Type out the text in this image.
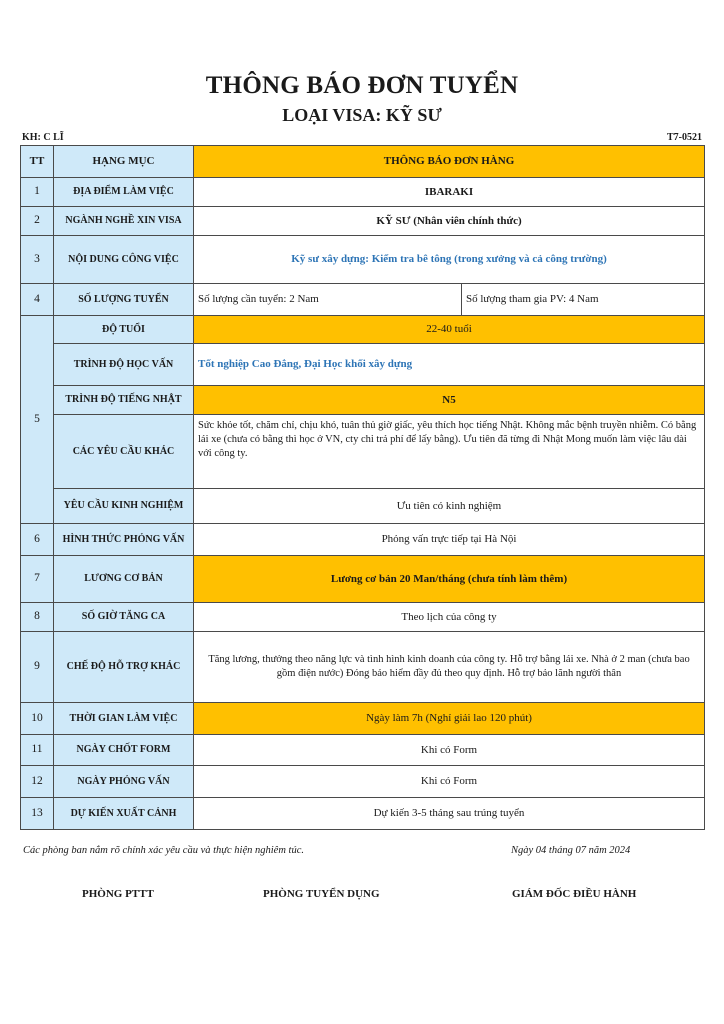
THÔNG BÁO ĐƠN TUYỂN
LOẠI VISA: KỸ SƯ
KH: C LĨ	T7-0521
TT	HẠNG MỤC	THÔNG BÁO ĐƠN HÀNG	
1	ĐỊA ĐIỂM LÀM VIỆC	IBARAKI	
2	NGÀNH NGHỀ XIN VISA	KỸ SƯ (Nhân viên chính thức)	
3	NỘI DUNG CÔNG VIỆC	Kỹ sư xây dựng: Kiểm tra bê tông (trong xưởng và cả công trường)	
4	SỐ LƯỢNG TUYỂN	Số lượng cần tuyển: 2 Nam	Số lượng tham gia PV: 4 Nam
5	ĐỘ TUỔI	22-40 tuổi	
	TRÌNH ĐỘ HỌC VẤN	Tốt nghiệp Cao Đẳng, Đại Học khối xây dựng	
	TRÌNH ĐỘ TIẾNG NHẬT	N5	
	CÁC YÊU CẦU KHÁC	Sức khỏe tốt, chăm chỉ, chịu khó, tuân thủ giờ giấc, yêu thích học tiếng Nhật. Không mắc bệnh truyền nhiễm. Có bằng lái xe (chưa có bằng thì học ở VN, cty chi trả phí để lấy bằng). Ưu tiên đã từng đi Nhật Mong muốn làm việc lâu dài với công ty.	
	YÊU CẦU KINH NGHIỆM	Ưu tiên có kinh nghiệm	
6	HÌNH THỨC PHỎNG VẤN	Phỏng vấn trực tiếp tại Hà Nội	
7	LƯƠNG CƠ BẢN	Lương cơ bản 20 Man/tháng (chưa tính làm thêm)	
8	SỐ GIỜ TĂNG CA	Theo lịch của công ty	
9	CHẾ ĐỘ HỖ TRỢ KHÁC	Tăng lương, thưởng theo năng lực và tình hình kinh doanh của công ty. Hỗ trợ bằng lái xe. Nhà ở 2 man (chưa bao gồm điện nước) Đóng bảo hiểm đầy đủ theo quy định. Hỗ trợ bảo lãnh người thân	
10	THỜI GIAN LÀM VIỆC	Ngày làm 7h (Nghỉ giải lao 120 phút)	
11	NGÀY CHỐT FORM	Khi có Form	
12	NGÀY PHỎNG VẤN	Khi có Form	
13	DỰ KIẾN XUẤT CẢNH	Dự kiến 3-5 tháng sau trúng tuyển	
Các phòng ban nắm rõ chính xác yêu cầu và thực hiện nghiêm túc.	Ngày 04 tháng 07 năm 2024
PHÒNG PTTT	PHÒNG TUYỂN DỤNG	GIÁM ĐỐC ĐIỀU HÀNH
